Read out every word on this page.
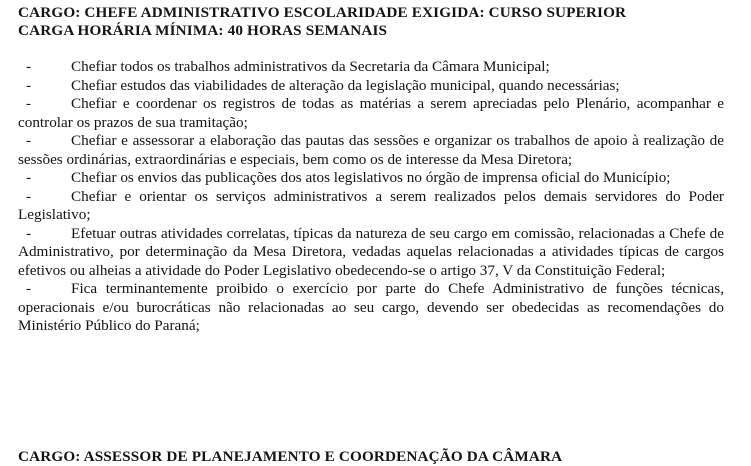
CARGO: CHEFE ADMINISTRATIVO ESCOLARIDADE EXIGIDA: CURSO SUPERIOR

CARGA HORÁRIA MÍNIMA: 40 HORAS SEMANAIS

-	Chefiar todos os trabalhos administrativos da Secretaria da Câmara Municipal;
-	Chefiar estudos das viabilidades de alteração da legislação municipal, quando necessárias;
-	Chefiar e coordenar os registros de todas as matérias a serem apreciadas pelo Plenário, acompanhar e controlar os prazos de sua tramitação;
-	Chefiar e assessorar a elaboração das pautas das sessões e organizar os trabalhos de apoio à realização de sessões ordinárias, extraordinárias e especiais, bem como os de interesse da Mesa Diretora;
-	Chefiar os envios das publicações dos atos legislativos no órgão de imprensa oficial do Município;
-	Chefiar e orientar os serviços administrativos a serem realizados pelos demais servidores do Poder Legislativo;
-	Efetuar outras atividades correlatas, típicas da natureza de seu cargo em comissão, relacionadas a Chefe de Administrativo, por determinação da Mesa Diretora, vedadas aquelas relacionadas a atividades típicas de cargos efetivos ou alheias a atividade do Poder Legislativo obedecendo-se o artigo 37, V da Constituição Federal;
-	Fica terminantemente proibido o exercício por parte do Chefe Administrativo de funções técnicas, operacionais e/ou burocráticas não relacionadas ao seu cargo, devendo ser obedecidas as recomendações do Ministério Público do Paraná;

CARGO: ASSESSOR DE PLANEJAMENTO E COORDENAÇÃO DA CÂMARA
